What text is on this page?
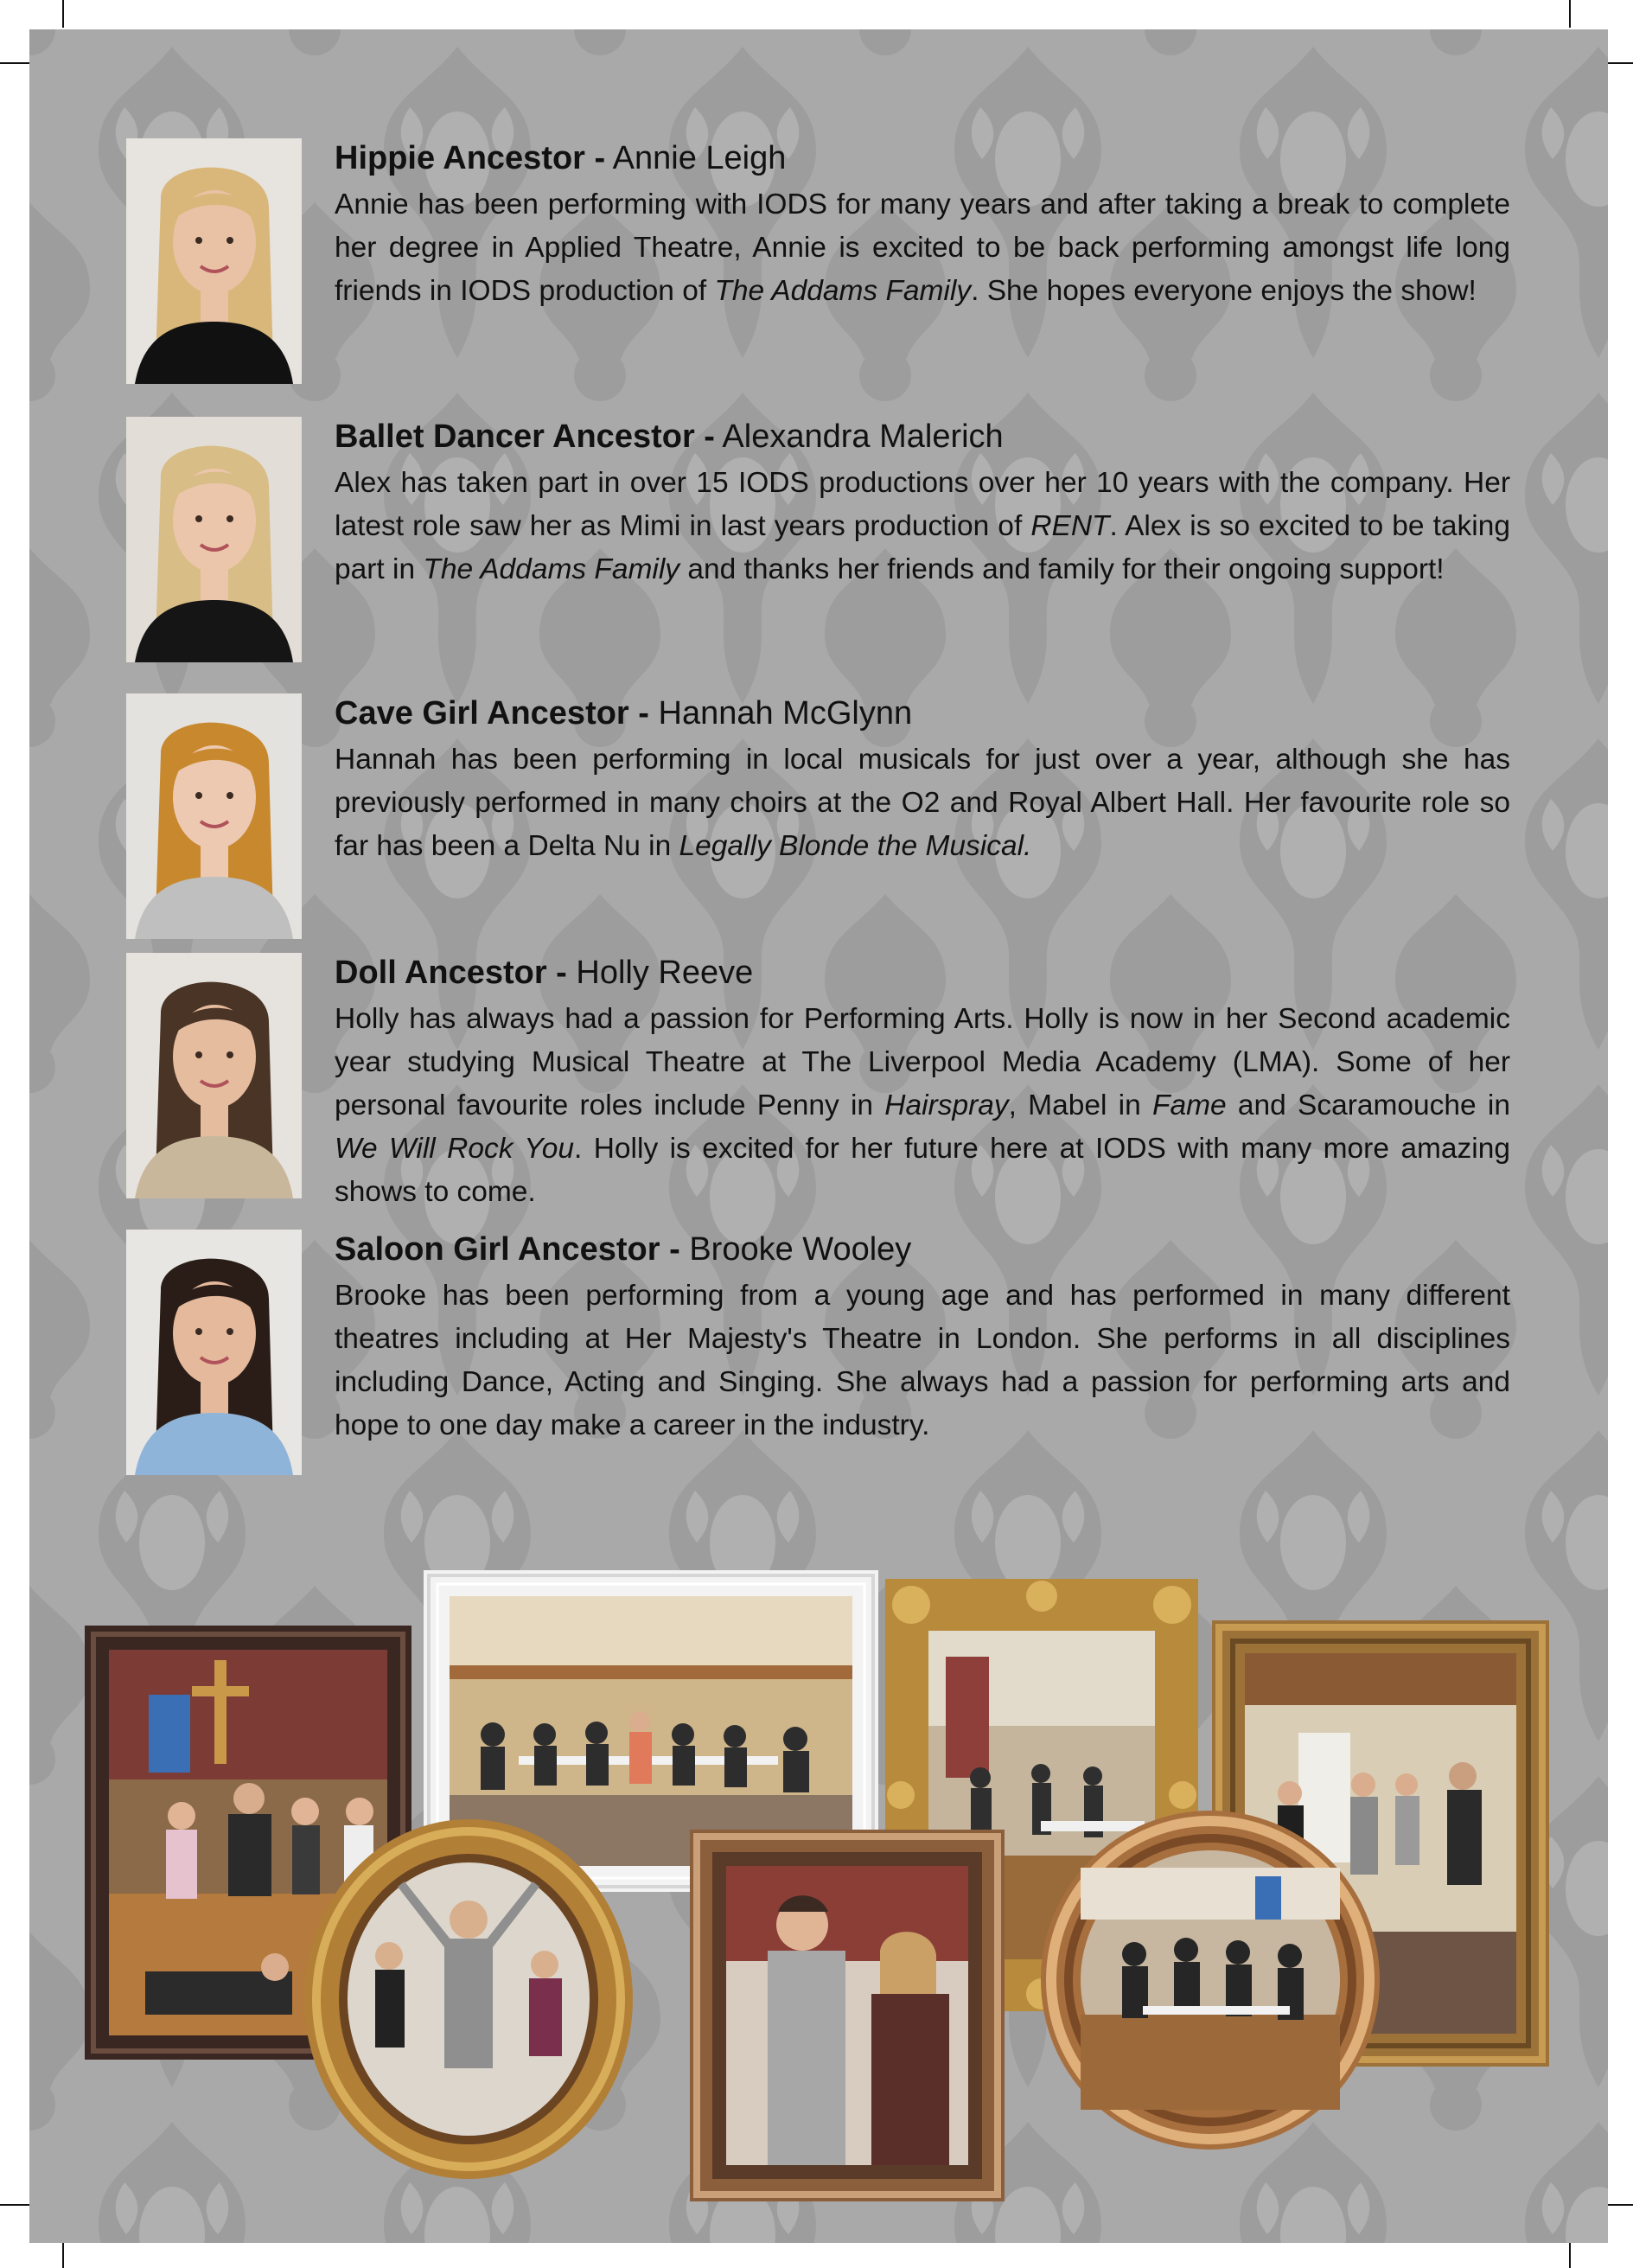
Hippie Ancestor - Annie Leigh

Annie has been performing with IODS for many years and after taking a break to complete her degree in Applied Theatre, Annie is excited to be back performing amongst life long friends in IODS production of The Addams Family. She hopes everyone enjoys the show!

Ballet Dancer Ancestor - Alexandra Malerich

Alex has taken part in over 15 IODS productions over her 10 years with the company. Her latest role saw her as Mimi in last years production of RENT. Alex is so excited to be taking part in The Addams Family and thanks her friends and family for their ongoing support!

Cave Girl Ancestor - Hannah McGlynn

Hannah has been performing in local musicals for just over a year, although she has previously performed in many choirs at the O2 and Royal Albert Hall. Her favourite role so far has been a Delta Nu in Legally Blonde the Musical.

Doll Ancestor - Holly Reeve

Holly has always had a passion for Performing Arts. Holly is now in her Second academic year studying Musical Theatre at The Liverpool Media Academy (LMA). Some of her personal favourite roles include Penny in Hairspray, Mabel in Fame and Scaramouche in We Will Rock You. Holly is excited for her future here at IODS with many more amazing shows to come.

Saloon Girl Ancestor - Brooke Wooley

Brooke has been performing from a young age and has performed in many different theatres including at Her Majesty's Theatre in London. She performs in all disciplines including Dance, Acting and Singing. She always had a passion for performing arts and hope to one day make a career in the industry.
